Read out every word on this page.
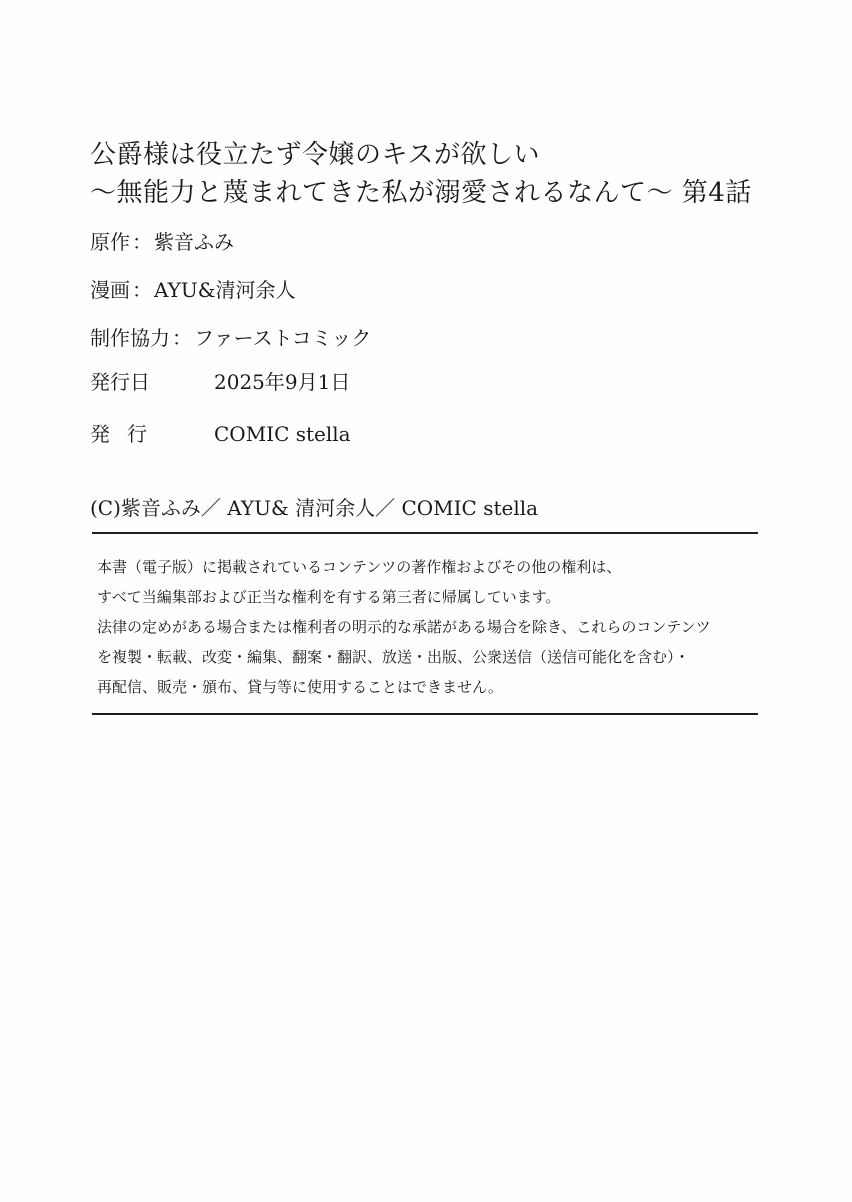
公爵様は役立たず令嬢のキスが欲しい
〜無能力と蔑まれてきた私が溺愛されるなんて〜 第4話
原作 ： 紫音ふみ
漫画 ： AYU&清河余人
制作協力 ： ファーストコミック
発行日	2025年9月1日
発行	COMIC stella
(C)紫音ふみ／ AYU& 清河余人／ COMIC stella
本書（電子版）に掲載されているコンテンツの著作権およびその他の権利は、
すべて当編集部および正当な権利を有する第三者に帰属しています。
法律の定めがある場合または権利者の明示的な承諾がある場合を除き、これらのコンテンツ
を複製・転載、改変・編集、翻案・翻訳、放送・出版、公衆送信（送信可能化を含む）・
再配信、販売・頒布、貸与等に使用することはできません。
